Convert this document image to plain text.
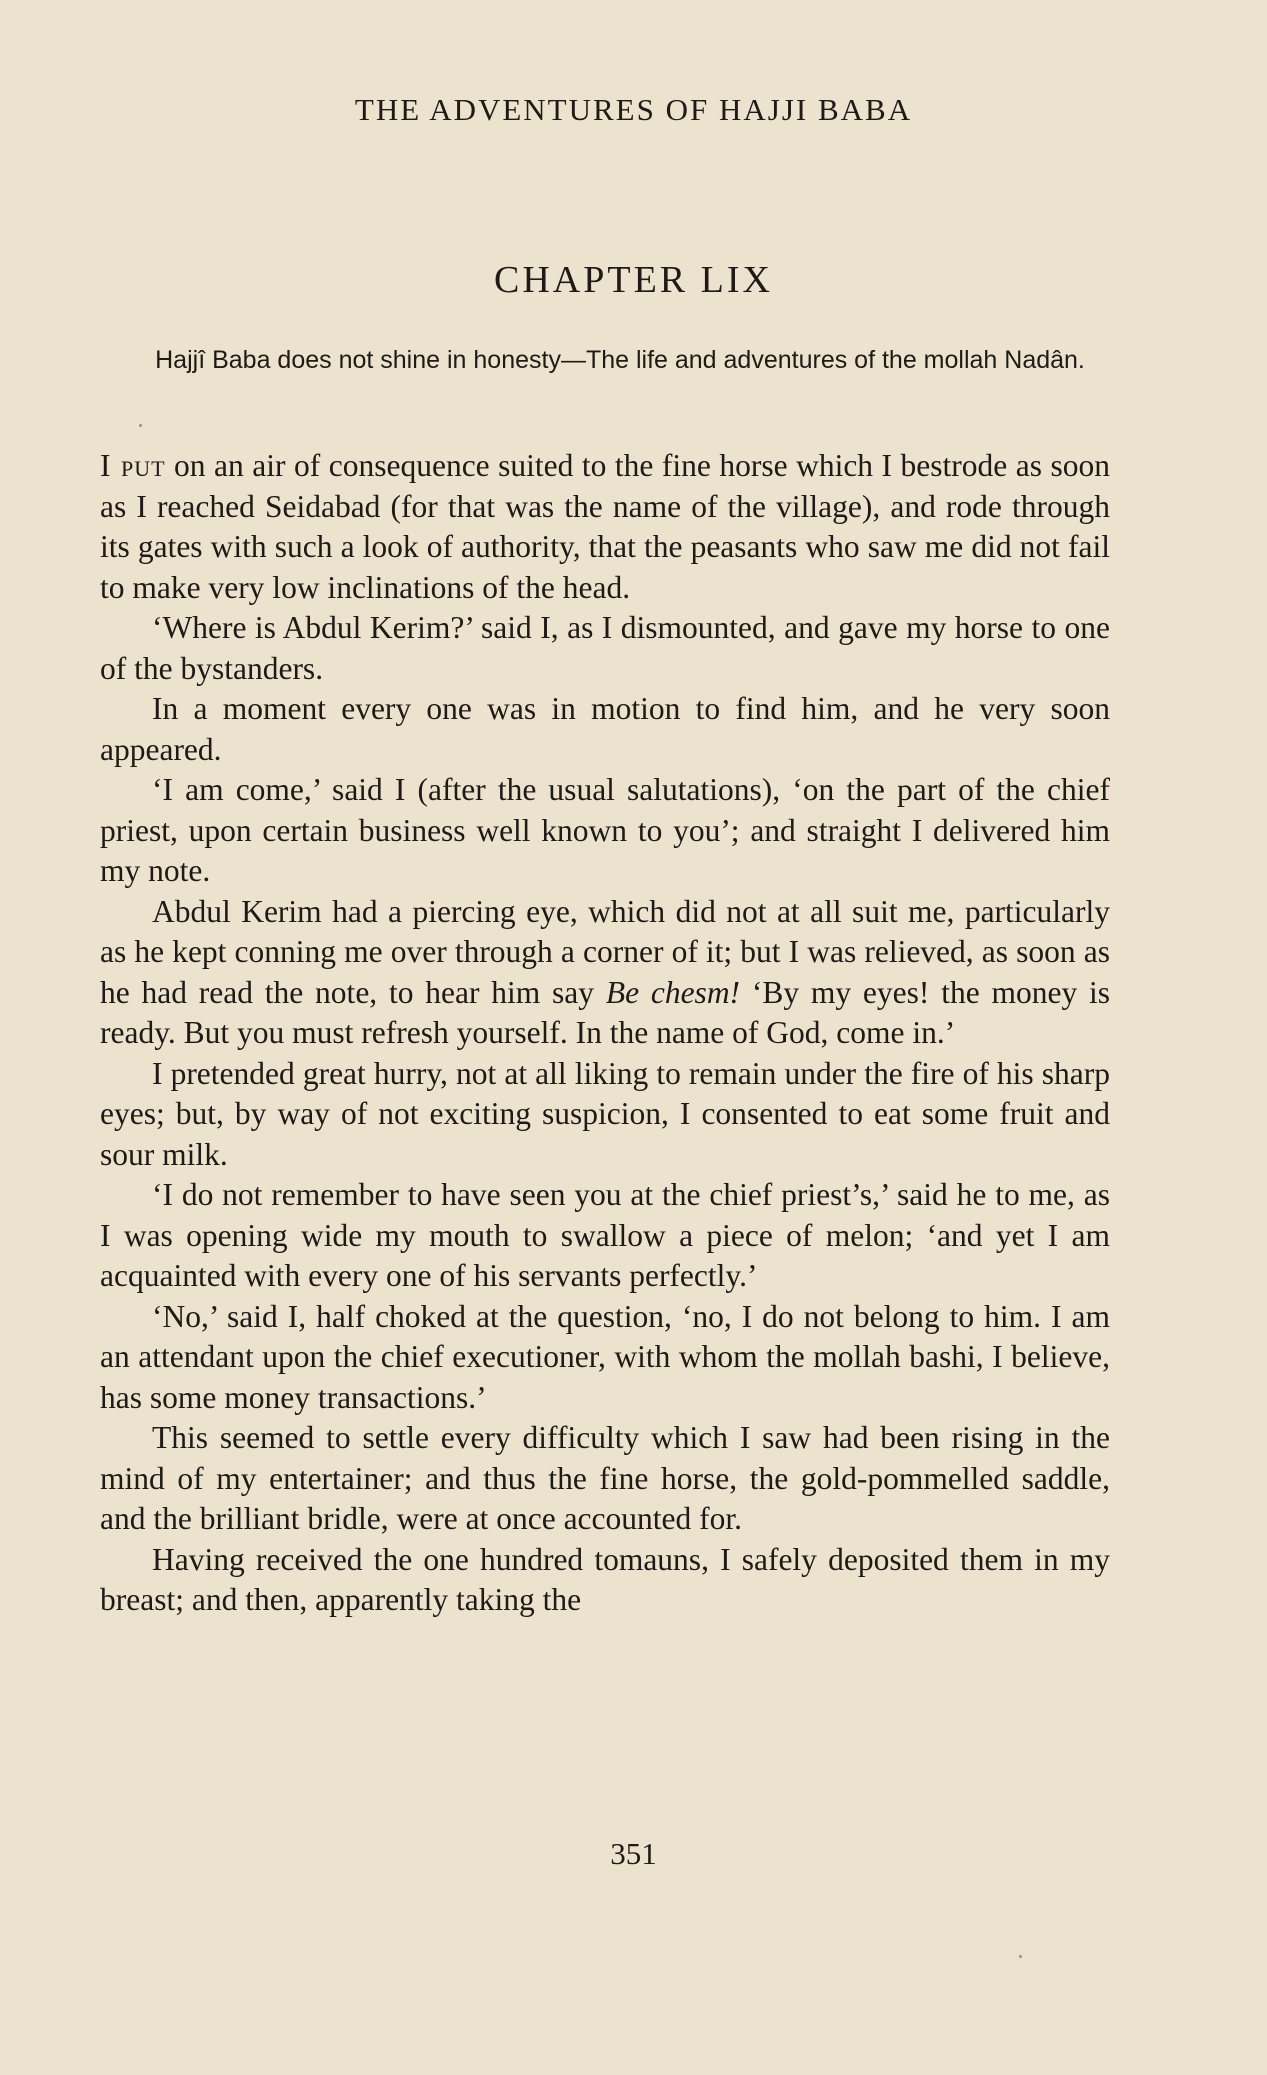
THE ADVENTURES OF HAJJI BABA
CHAPTER LIX

Hajjî Baba does not shine in honesty—The life and adventures of the mollah Nadân.

I put on an air of consequence suited to the fine horse which I bestrode as soon as I reached Seidabad (for that was the name of the village), and rode through its gates with such a look of authority, that the peasants who saw me did not fail to make very low inclinations of the head.

‘Where is Abdul Kerim?’ said I, as I dismounted, and gave my horse to one of the bystanders.

In a moment every one was in motion to find him, and he very soon appeared.

‘I am come,’ said I (after the usual salutations), ‘on the part of the chief priest, upon certain business well known to you’; and straight I delivered him my note.

Abdul Kerim had a piercing eye, which did not at all suit me, particularly as he kept conning me over through a corner of it; but I was relieved, as soon as he had read the note, to hear him say Be chesm! ‘By my eyes! the money is ready. But you must refresh yourself. In the name of God, come in.’

I pretended great hurry, not at all liking to remain under the fire of his sharp eyes; but, by way of not exciting suspicion, I consented to eat some fruit and sour milk.

‘I do not remember to have seen you at the chief priest’s,’ said he to me, as I was opening wide my mouth to swallow a piece of melon; ‘and yet I am acquainted with every one of his servants perfectly.’

‘No,’ said I, half choked at the question, ‘no, I do not belong to him. I am an attendant upon the chief executioner, with whom the mollah bashi, I believe, has some money transactions.’

This seemed to settle every difficulty which I saw had been rising in the mind of my entertainer; and thus the fine horse, the gold-pommelled saddle, and the brilliant bridle, were at once accounted for.

Having received the one hundred tomauns, I safely deposited them in my breast; and then, apparently taking the

351
